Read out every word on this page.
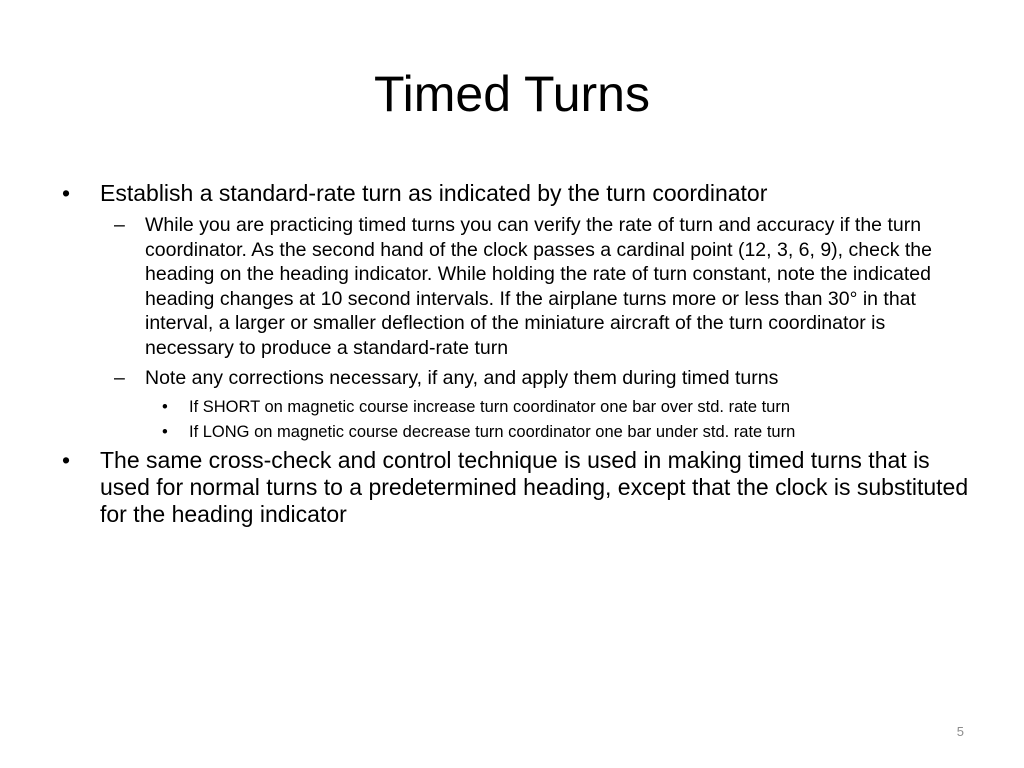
Timed Turns
• Establish a standard-rate turn as indicated by the turn coordinator
– While you are practicing timed turns you can verify the rate of turn and accuracy if the turn coordinator. As the second hand of the clock passes a cardinal point (12, 3, 6, 9), check the heading on the heading indicator. While holding the rate of turn constant, note the indicated heading changes at 10 second intervals. If the airplane turns more or less than 30° in that interval, a larger or smaller deflection of the miniature aircraft of the turn coordinator is necessary to produce a standard-rate turn
– Note any corrections necessary, if any, and apply them during timed turns
• If SHORT on magnetic course increase turn coordinator one bar over std. rate turn
• If LONG on magnetic course decrease turn coordinator one bar under std. rate turn
• The same cross-check and control technique is used in making timed turns that is used for normal turns to a predetermined heading, except that the clock is substituted for the heading indicator
5
